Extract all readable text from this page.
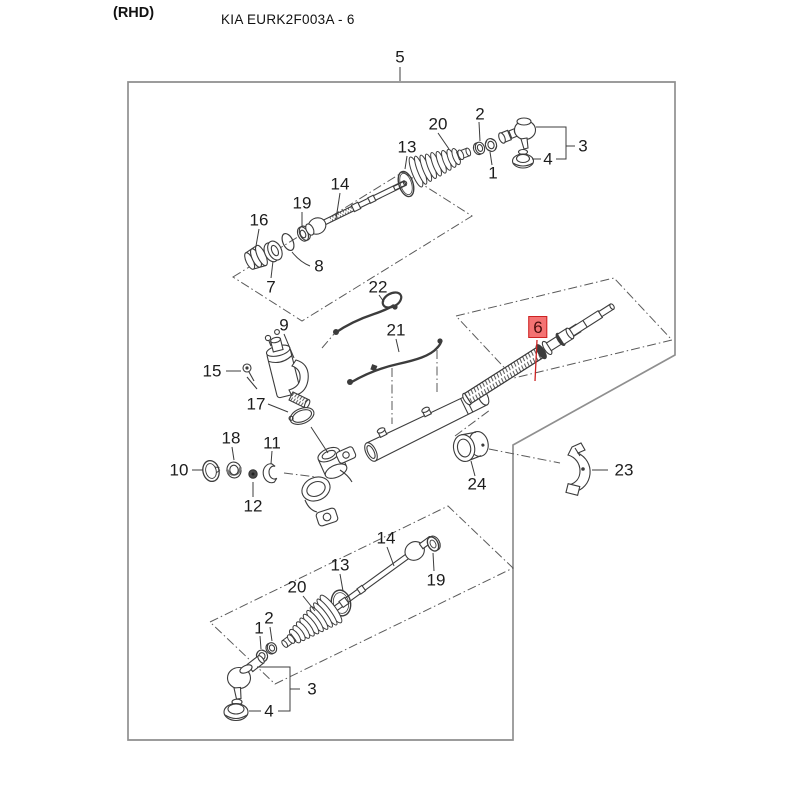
(RHD)	KIA EURK2F003A - 6
5
20
13
2
1
4
3
16
19
14
7
8
9
15
17
22
21	6
24
23
10
18 11
12
14
19
13
20
2
1
3
4
